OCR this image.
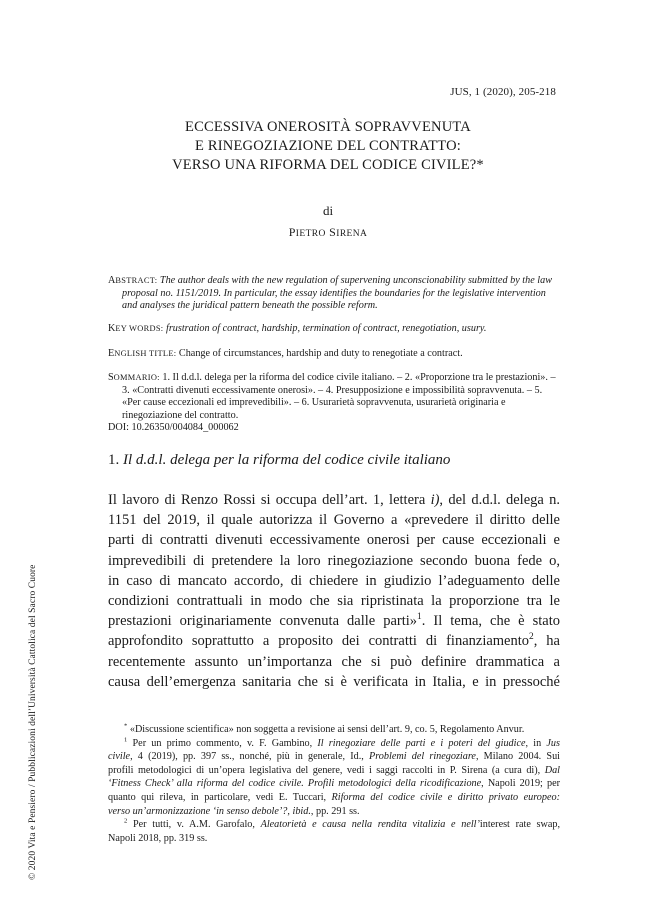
JUS, 1 (2020), 205-218
ECCESSIVA ONEROSITÀ SOPRAVVENUTA
E RINEGOZIAZIONE DEL CONTRATTO:
VERSO UNA RIFORMA DEL CODICE CIVILE?*
di
PIETRO SIRENA
ABSTRACT: The author deals with the new regulation of supervening unconscionability submitted by the law proposal no. 1151/2019. In particular, the essay identifies the boundaries for the legislative intervention and analyses the juridical pattern beneath the possible reform.
KEY WORDS: frustration of contract, hardship, termination of contract, renegotiation, usury.
ENGLISH TITLE: Change of circumstances, hardship and duty to renegotiate a contract.
SOMMARIO: 1. Il d.d.l. delega per la riforma del codice civile italiano. – 2. «Proporzione tra le prestazioni». – 3. «Contratti divenuti eccessivamente onerosi». – 4. Presupposizione e impossibilità sopravvenuta. – 5. «Per cause eccezionali ed imprevedibili». – 6. Usurarietà sopravvenuta, usurarietà originaria e rinegoziazione del contratto.
DOI: 10.26350/004084_000062
1. Il d.d.l. delega per la riforma del codice civile italiano
Il lavoro di Renzo Rossi si occupa dell’art. 1, lettera i), del d.d.l. delega n.
1151 del 2019, il quale autorizza il Governo a «prevedere il diritto delle
parti di contratti divenuti eccessivamente onerosi per cause eccezionali e
imprevedibili di pretendere la loro rinegoziazione secondo buona fede o,
in caso di mancato accordo, di chiedere in giudizio l’adeguamento delle
condizioni contrattuali in modo che sia ripristinata la proporzione tra le
prestazioni originariamente convenuta dalle parti»$^1$. Il tema, che è stato
approfondito soprattutto a proposito dei contratti di finanziamento$^2$, ha
recentemente assunto un’importanza che si può definire drammatica a
causa dell’emergenza sanitaria che si è verificata in Italia, e in pressoché

* «Discussione scientifica» non soggetta a revisione ai sensi dell’art. 9, co. 5, Regolamento Anvur.

$^1$ Per un primo commento, v. F. Gambino, Il rinegoziare delle parti e i poteri del giudice, in Jus
civile, 4 (2019), pp. 397 ss., nonché, più in generale, Id., Problemi del rinegoziare, Milano 2004. Sui
profili metodologici di un’opera legislativa del genere, vedi i saggi raccolti in P. Sirena (a cura di), Dal
‘Fitness Check’ alla riforma del codice civile. Profili metodologici della ricodificazione, Napoli 2019; per
quanto qui rileva, in particolare, vedi E. Tuccari, Riforma del codice civile e diritto privato europeo:
verso un’armonizzazione ‘in senso debole’?, ibid., pp. 291 ss.
$^2$ Per tutti, v. A.M. Garofalo, Aleatorietà e causa nella rendita vitalizia e nell’interest rate swap,
Napoli 2018, pp. 319 ss.
© 2020 Vita e Pensiero / Pubblicazioni dell’Università Cattolica del Sacro Cuore
